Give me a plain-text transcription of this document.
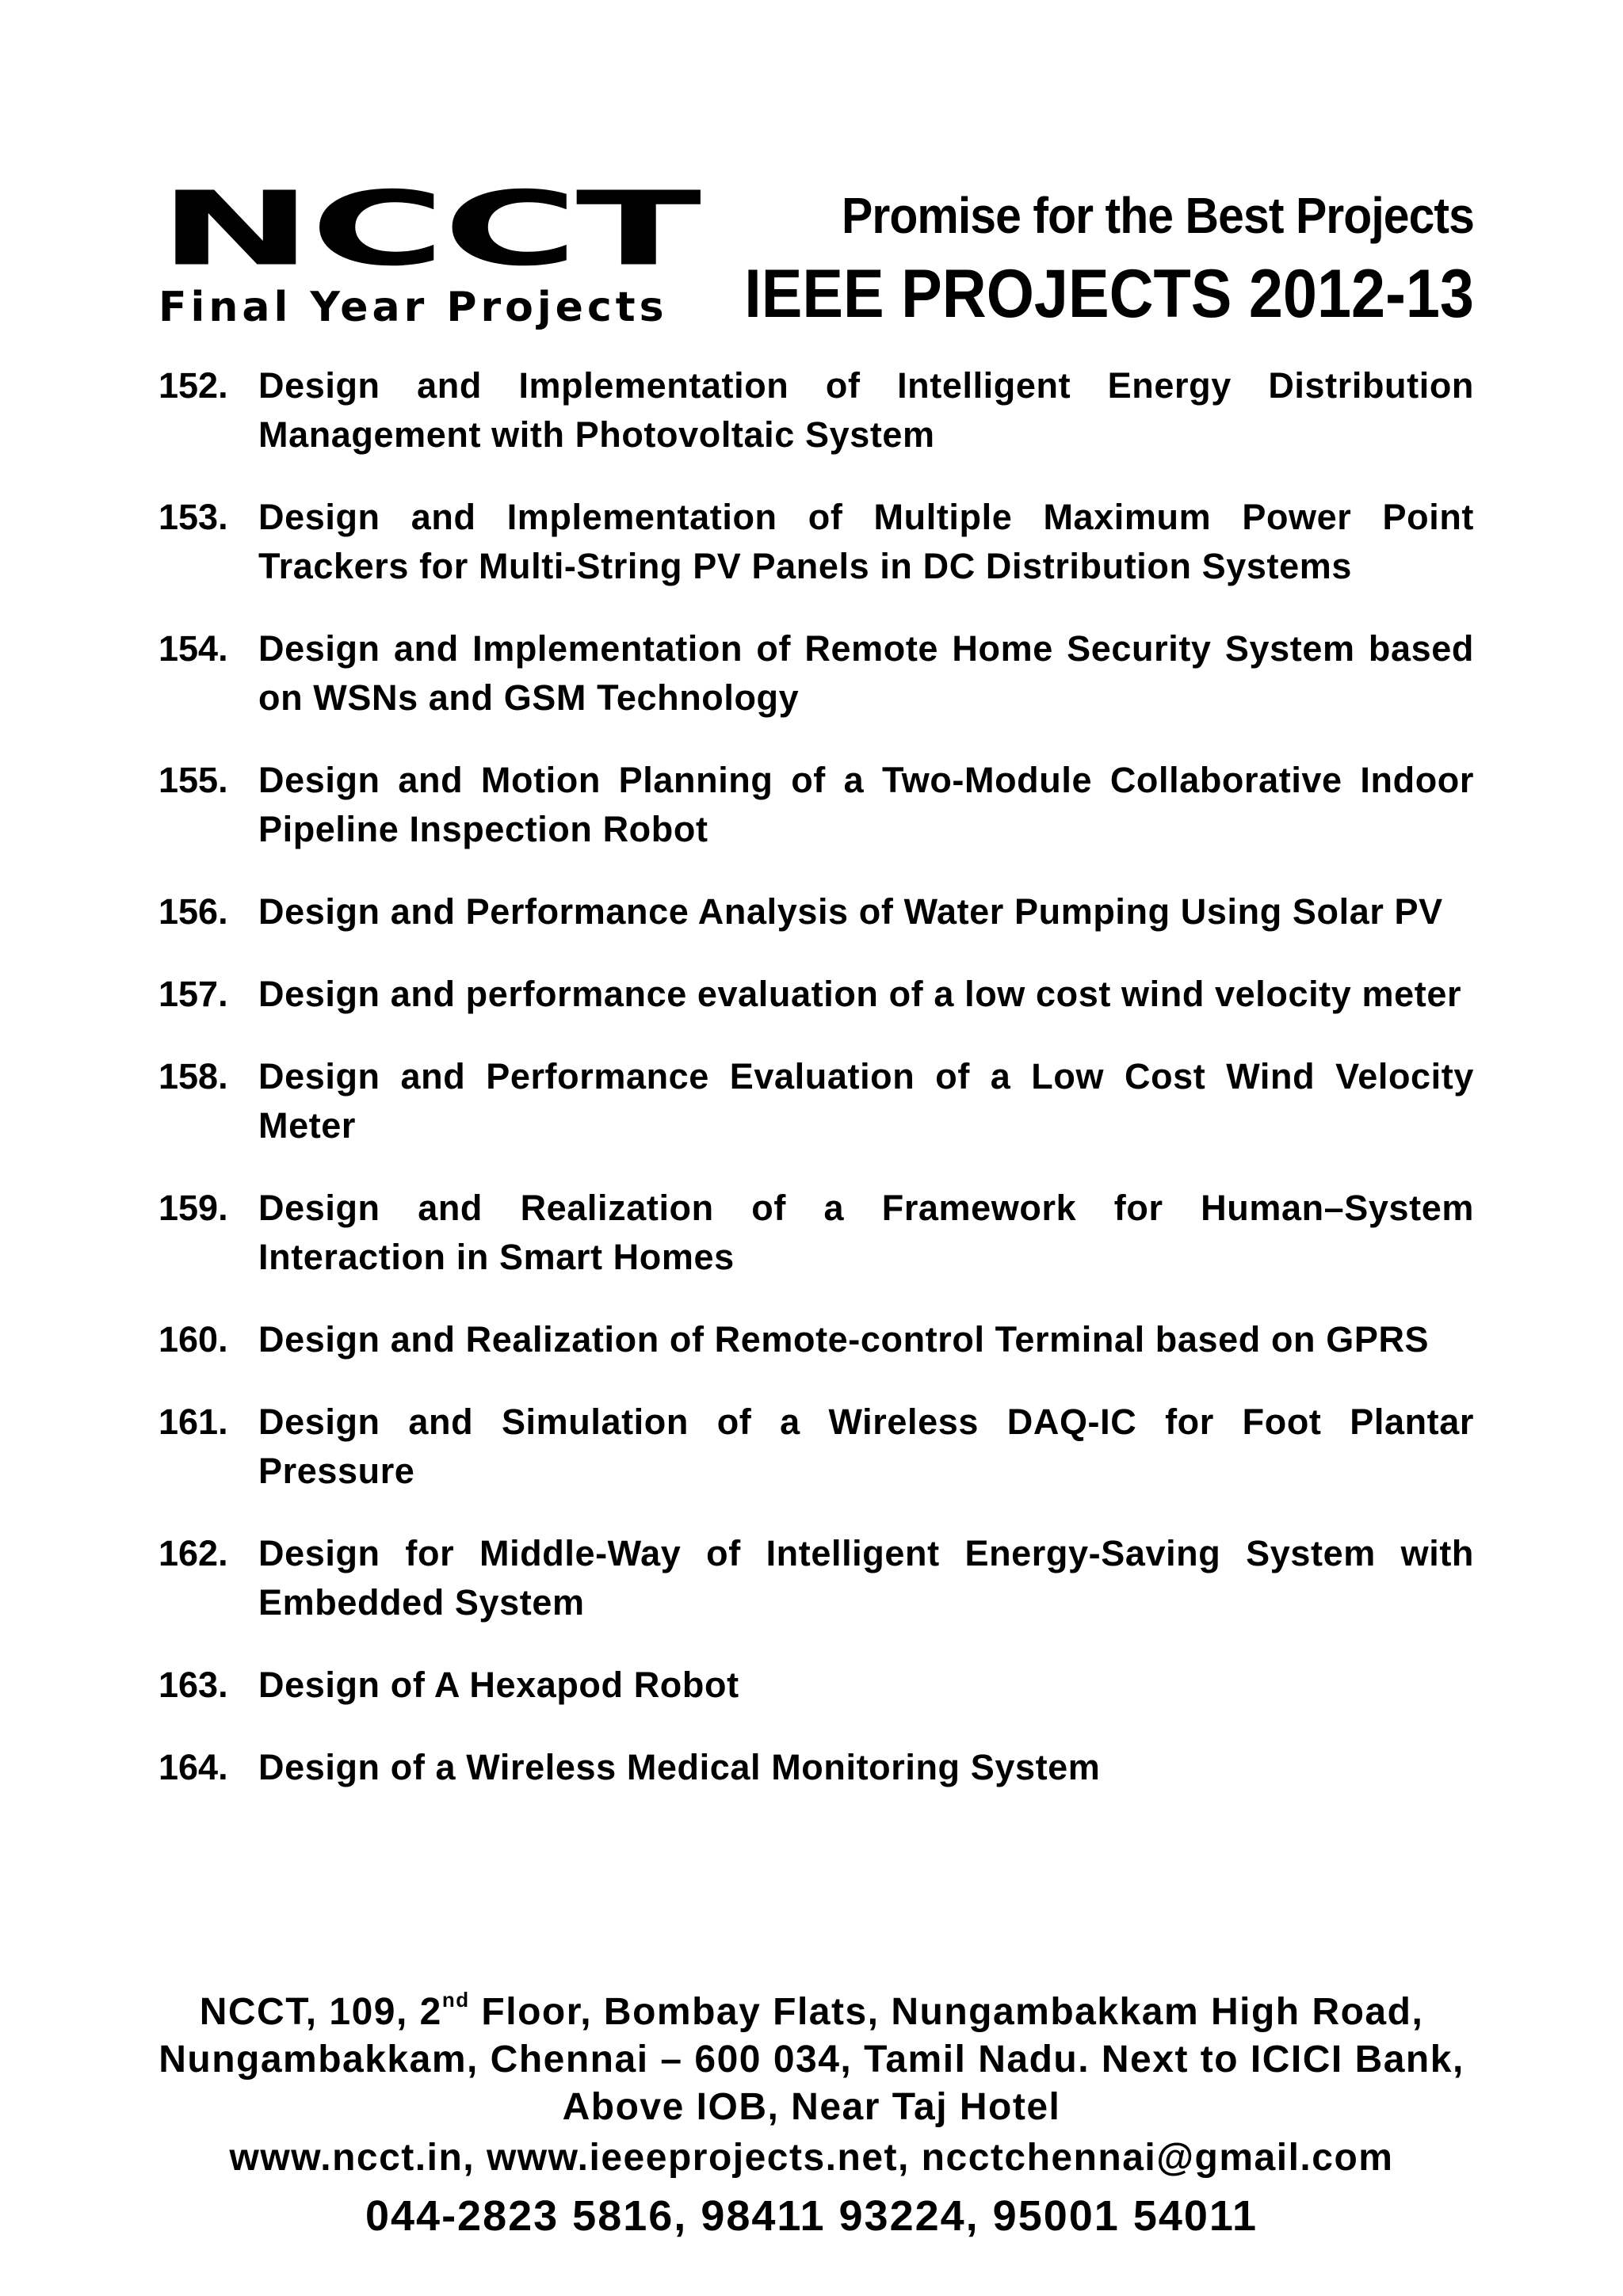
NCCT
Final Year Projects
Promise for the Best Projects
IEEE PROJECTS 2012-13
152. Design and Implementation of Intelligent Energy Distribution Management with Photovoltaic System
153. Design and Implementation of Multiple Maximum Power Point Trackers for Multi-String PV Panels in DC Distribution Systems
154. Design and Implementation of Remote Home Security System based on WSNs and GSM Technology
155. Design and Motion Planning of a Two-Module Collaborative Indoor Pipeline Inspection Robot
156. Design and Performance Analysis of Water Pumping Using Solar PV
157. Design and performance evaluation of a low cost wind velocity meter
158. Design and Performance Evaluation of a Low Cost Wind Velocity Meter
159. Design and Realization of a Framework for Human–System Interaction in Smart Homes
160. Design and Realization of Remote-control Terminal based on GPRS
161. Design and Simulation of a Wireless DAQ-IC for Foot Plantar Pressure
162. Design for Middle-Way of Intelligent Energy-Saving System with Embedded System
163. Design of A Hexapod Robot
164. Design of a Wireless Medical Monitoring System
NCCT, 109, 2nd Floor, Bombay Flats, Nungambakkam High Road, Nungambakkam, Chennai – 600 034, Tamil Nadu. Next to ICICI Bank, Above IOB, Near Taj Hotel
www.ncct.in, www.ieeeprojects.net, ncctchennai@gmail.com
044-2823 5816, 98411 93224, 95001 54011
